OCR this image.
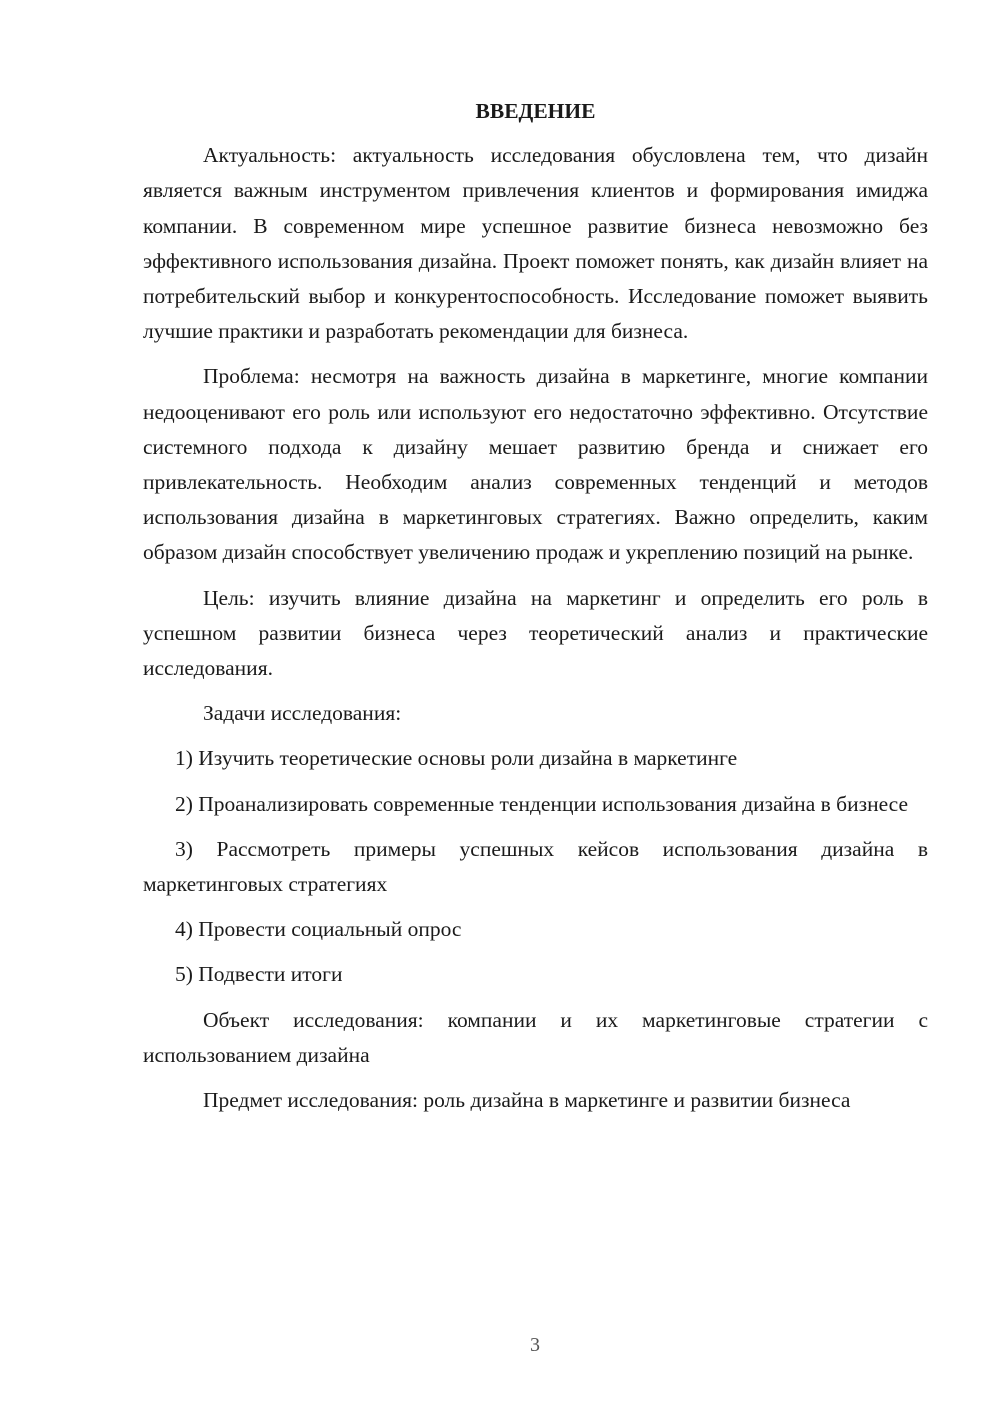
ВВЕДЕНИЕ

Актуальность: актуальность исследования обусловлена тем, что дизайн является важным инструментом привлечения клиентов и формирования имиджа компании. В современном мире успешное развитие бизнеса невозможно без эффективного использования дизайна. Проект поможет понять, как дизайн влияет на потребительский выбор и конкурентоспособность. Исследование поможет выявить лучшие практики и разработать рекомендации для бизнеса.

Проблема: несмотря на важность дизайна в маркетинге, многие компании недооценивают его роль или используют его недостаточно эффективно. Отсутствие системного подхода к дизайну мешает развитию бренда и снижает его привлекательность. Необходим анализ современных тенденций и методов использования дизайна в маркетинговых стратегиях. Важно определить, каким образом дизайн способствует увеличению продаж и укреплению позиций на рынке.

Цель: изучить влияние дизайна на маркетинг и определить его роль в успешном развитии бизнеса через теоретический анализ и практические исследования.

Задачи исследования:

1) Изучить теоретические основы роли дизайна в маркетинге

2) Проанализировать современные тенденции использования дизайна в бизнесе

3) Рассмотреть примеры успешных кейсов использования дизайна в маркетинговых стратегиях

4) Провести социальный опрос

5) Подвести итоги

Объект исследования: компании и их маркетинговые стратегии с использованием дизайна

Предмет исследования: роль дизайна в маркетинге и развитии бизнеса

3
